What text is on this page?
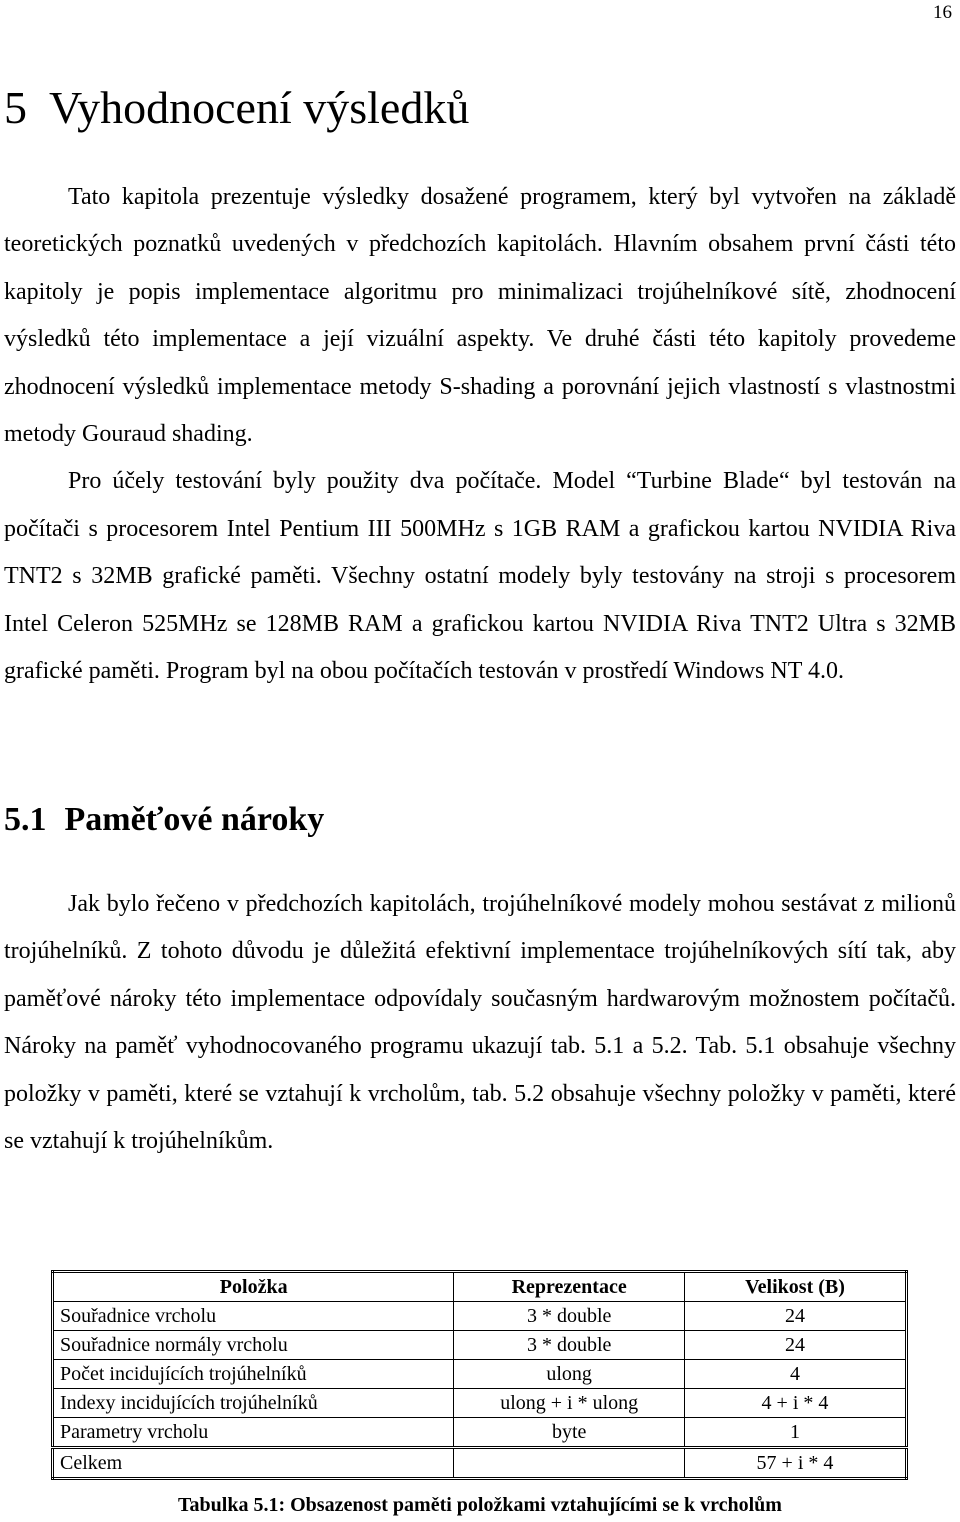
16
5 Vyhodnocení výsledků
Tato kapitola prezentuje výsledky dosažené programem, který byl vytvořen na základě teoretických poznatků uvedených v předchozích kapitolách. Hlavním obsahem první části této kapitoly je popis implementace algoritmu pro minimalizaci trojúhelníkové sítě, zhodnocení výsledků této implementace a její vizuální aspekty. Ve druhé části této kapitoly provedeme zhodnocení výsledků implementace metody S-shading a porovnání jejich vlastností s vlastnostmi metody Gouraud shading.
Pro účely testování byly použity dva počítače. Model “Turbine Blade“ byl testován na počítači s procesorem Intel Pentium III 500MHz s 1GB RAM a grafickou kartou NVIDIA Riva TNT2 s 32MB grafické paměti. Všechny ostatní modely byly testovány na stroji s procesorem Intel Celeron 525MHz se 128MB RAM a grafickou kartou NVIDIA Riva TNT2 Ultra s 32MB grafické paměti. Program byl na obou počítačích testován v prostředí Windows NT 4.0.
5.1 Paměťové nároky
Jak bylo řečeno v předchozích kapitolách, trojúhelníkové modely mohou sestávat z milionů trojúhelníků. Z tohoto důvodu je důležitá efektivní implementace trojúhelníkových sítí tak, aby paměťové nároky této implementace odpovídaly současným hardwarovým možnostem počítačů. Nároky na paměť vyhodnocovaného programu ukazují tab. 5.1 a 5.2. Tab. 5.1 obsahuje všechny položky v paměti, které se vztahují k vrcholům, tab. 5.2 obsahuje všechny položky v paměti, které se vztahují k trojúhelníkům.
Položka	Reprezentace	Velikost (B)
Souřadnice vrcholu	3 * double	24
Souřadnice normály vrcholu	3 * double	24
Počet incidujících trojúhelníků	ulong	4
Indexy incidujících trojúhelníků	ulong + i * ulong	4 + i * 4
Parametry vrcholu	byte	1
Celkem		57 + i * 4
Tabulka 5.1: Obsazenost paměti položkami vztahujícími se k vrcholům
